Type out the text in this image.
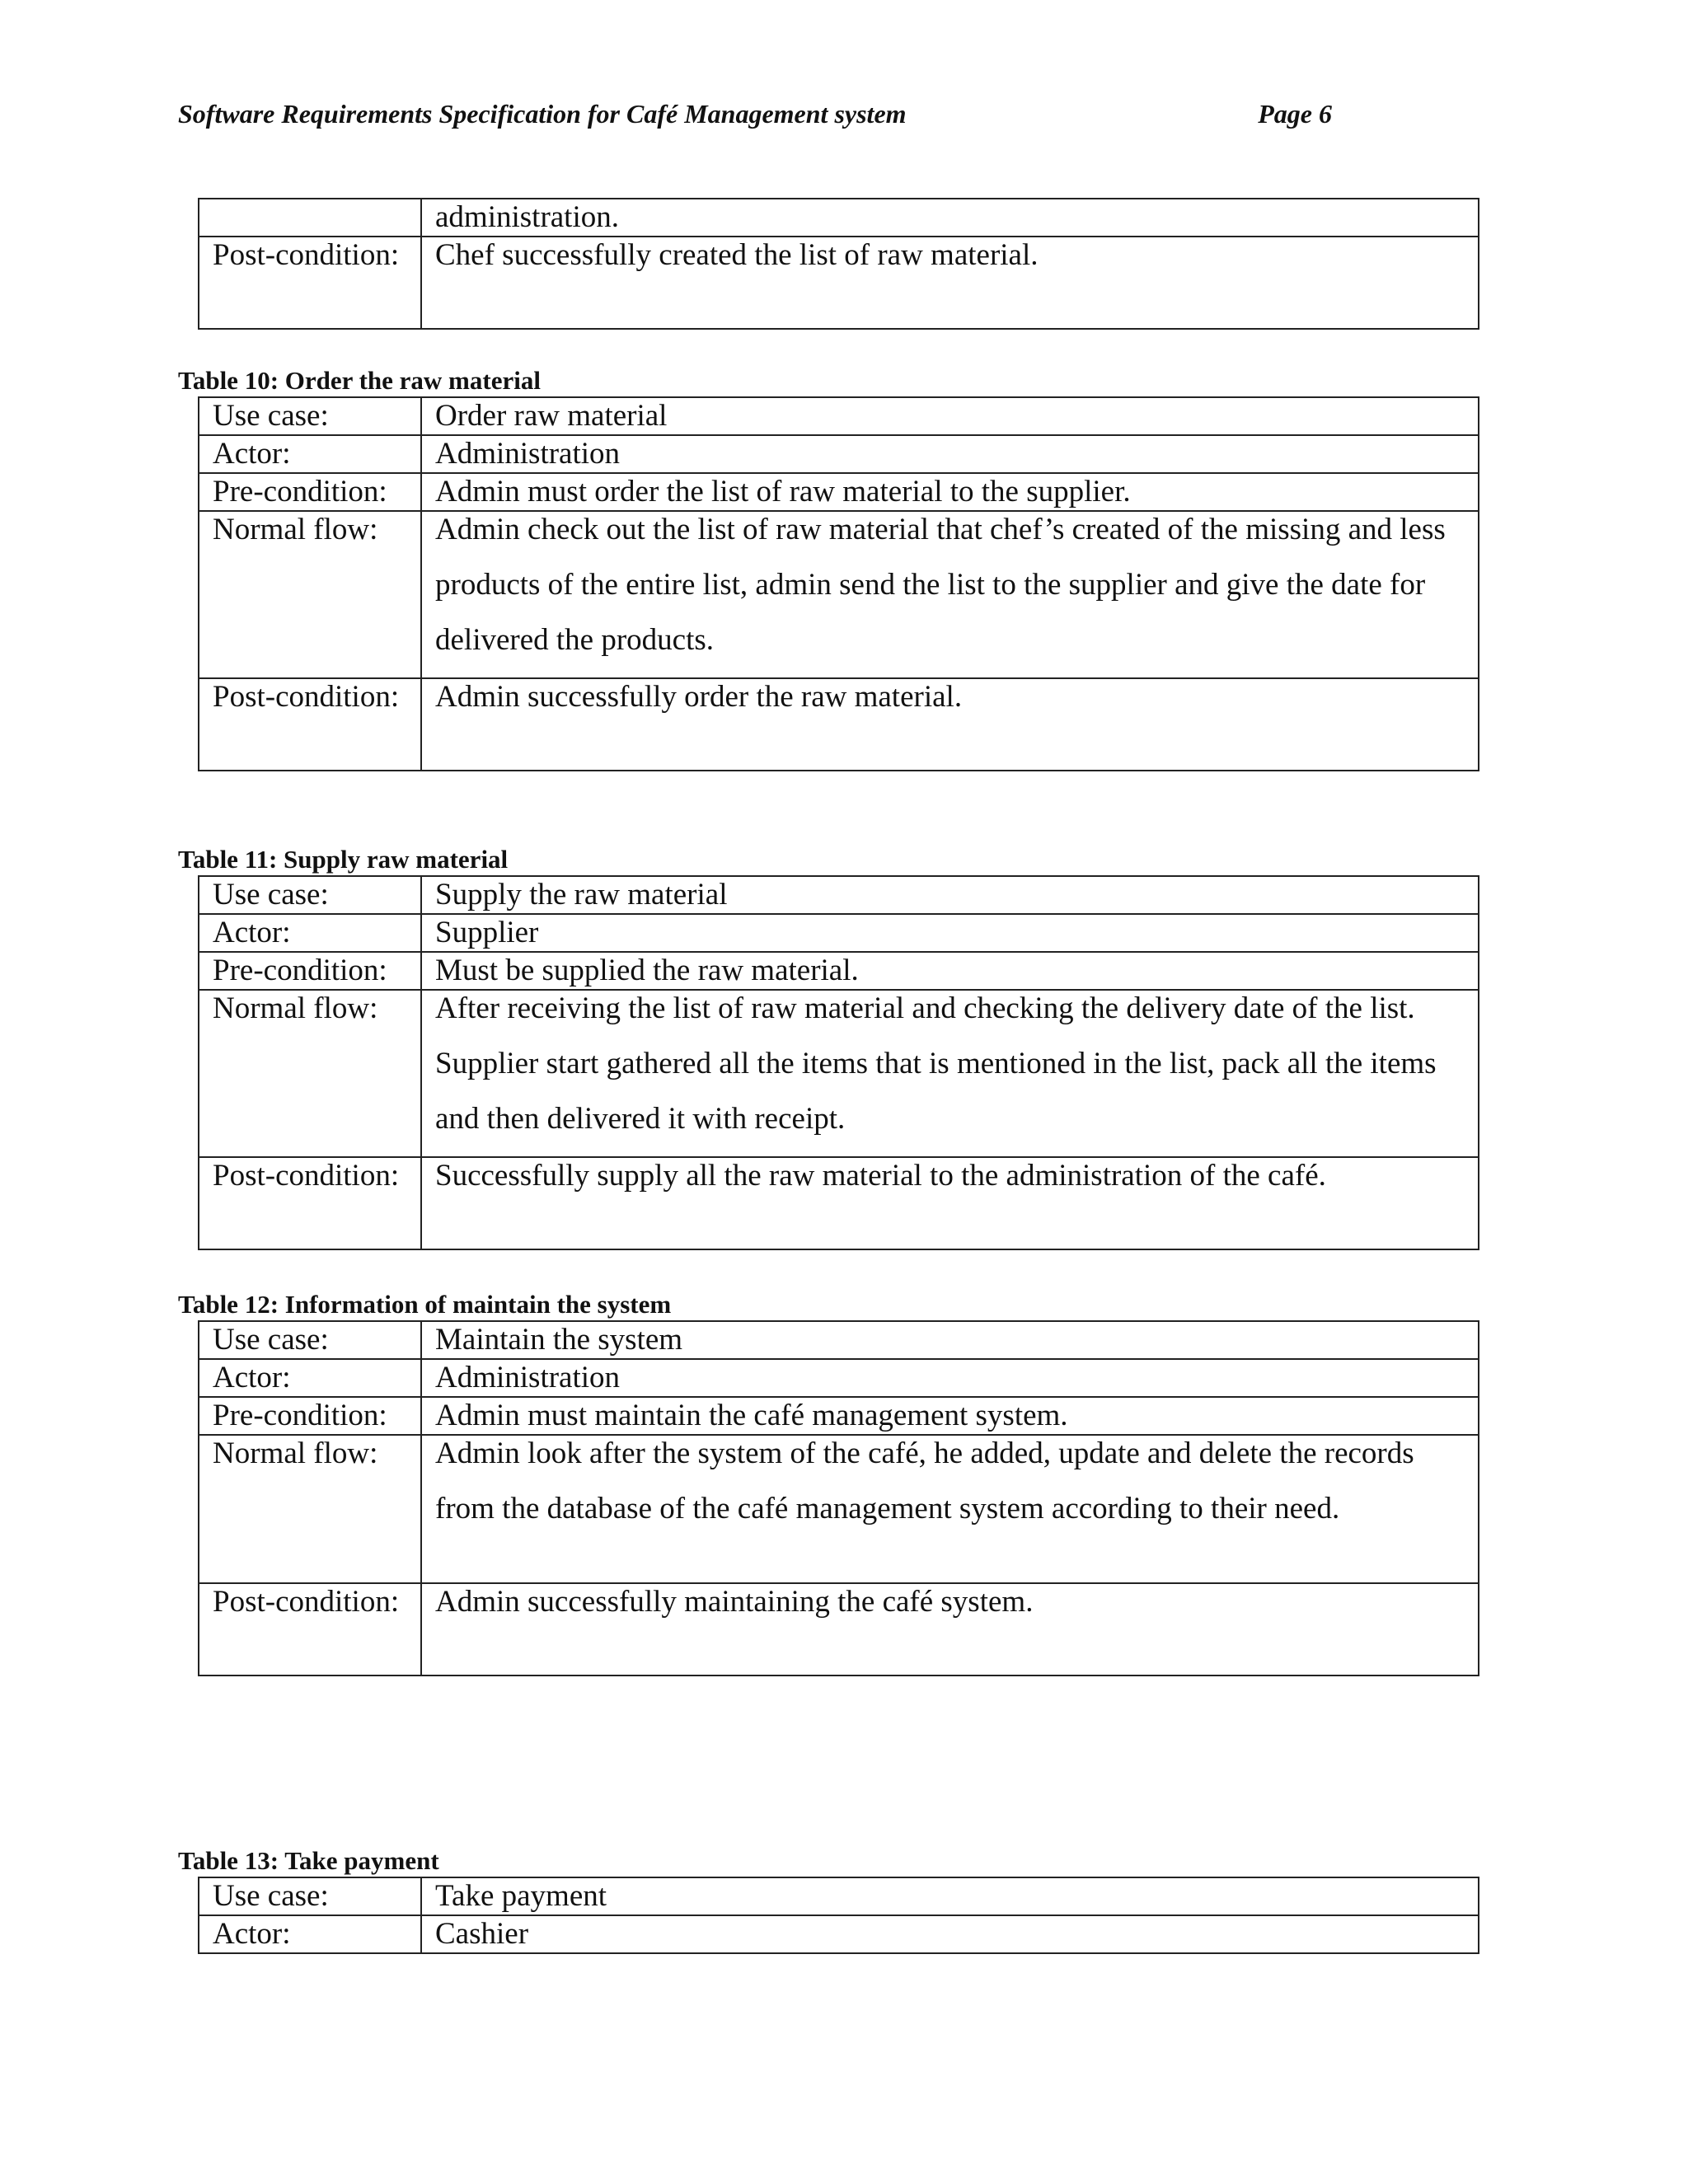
Software Requirements Specification for Café Management system	Page 6
	administration.

Post-condition:	Chef successfully created the list of raw material.
Table 10: Order the raw material
Use case:	Order raw material
Actor:	Administration
Pre-condition:	Admin must order the list of raw material to the supplier.
Normal flow:	Admin check out the list of raw material that chef’s created of the missing and less products of the entire list, admin send the list to the supplier and give the date for delivered the products.

Post-condition:	Admin successfully order the raw material.
Table 11: Supply raw material
Use case:	Supply the raw material
Actor:	Supplier
Pre-condition:	Must be supplied the raw material.
Normal flow:	After receiving the list of raw material and checking the delivery date of the list. Supplier start gathered all the items that is mentioned in the list, pack all the items and then delivered it with receipt.

Post-condition:	Successfully supply all the raw material to the administration of the café.
Table 12: Information of maintain the system
Use case:	Maintain the system
Actor:	Administration
Pre-condition:	Admin must maintain the café management system.
Normal flow:	Admin look after the system of the café, he added, update and delete the records from the database of the café management system according to their need.

Post-condition:	Admin successfully maintaining the café system.
Table 13: Take payment
Use case:	Take payment
Actor:	Cashier
